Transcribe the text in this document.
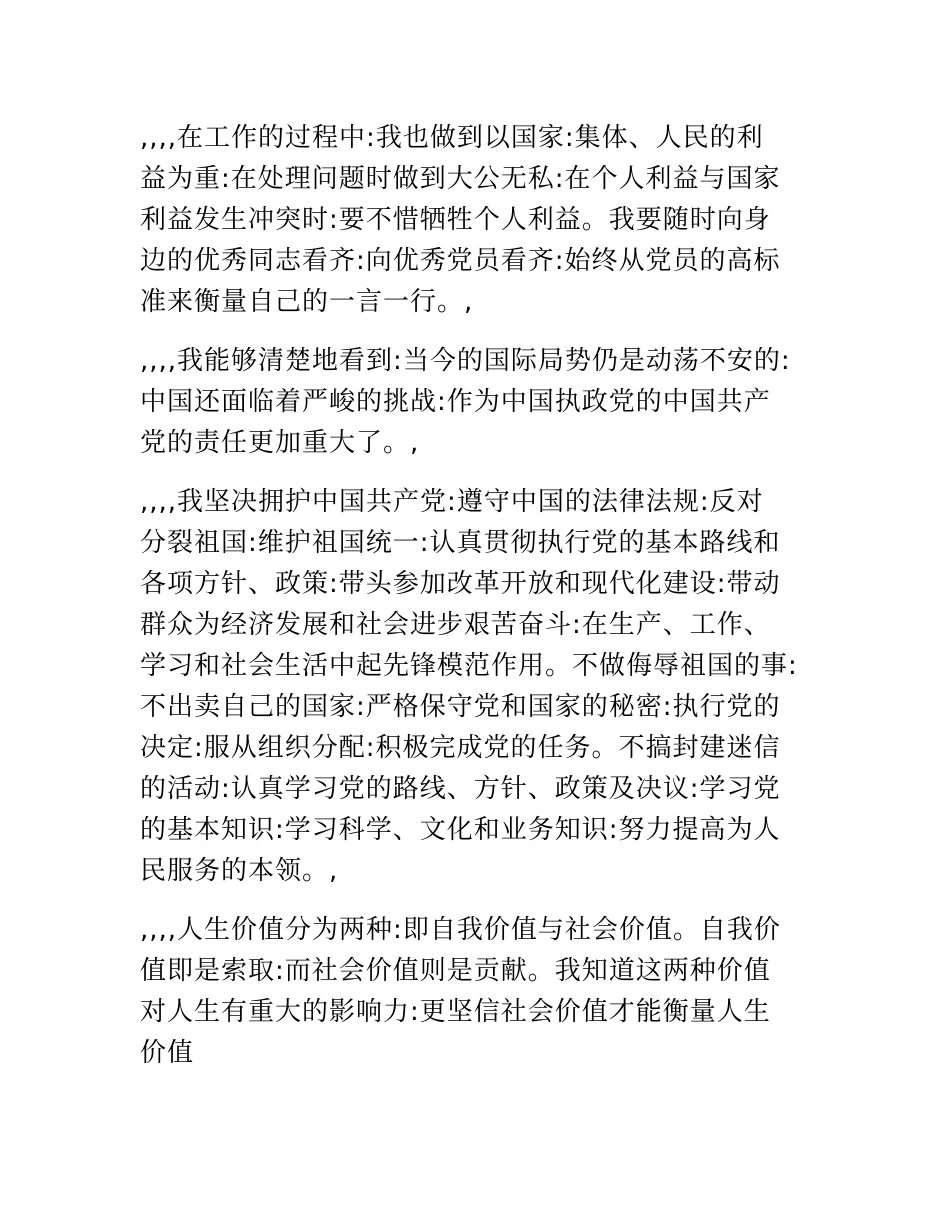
,,,,在工作的过程中:我也做到以国家:集体、人民的利
益为重:在处理问题时做到大公无私:在个人利益与国家
利益发生冲突时:要不惜牺牲个人利益。我要随时向身
边的优秀同志看齐:向优秀党员看齐:始终从党员的高标
准来衡量自己的一言一行。,
,,,,我能够清楚地看到:当今的国际局势仍是动荡不安的:
中国还面临着严峻的挑战:作为中国执政党的中国共产
党的责任更加重大了。,
,,,,我坚决拥护中国共产党:遵守中国的法律法规:反对
分裂祖国:维护祖国统一:认真贯彻执行党的基本路线和
各项方针、政策:带头参加改革开放和现代化建设:带动
群众为经济发展和社会进步艰苦奋斗:在生产、工作、
学习和社会生活中起先锋模范作用。不做侮辱祖国的事:
不出卖自己的国家:严格保守党和国家的秘密:执行党的
决定:服从组织分配:积极完成党的任务。不搞封建迷信
的活动:认真学习党的路线、方针、政策及决议:学习党
的基本知识:学习科学、文化和业务知识:努力提高为人
民服务的本领。,
,,,,人生价值分为两种:即自我价值与社会价值。自我价
值即是索取:而社会价值则是贡献。我知道这两种价值
对人生有重大的影响力:更坚信社会价值才能衡量人生
价值
